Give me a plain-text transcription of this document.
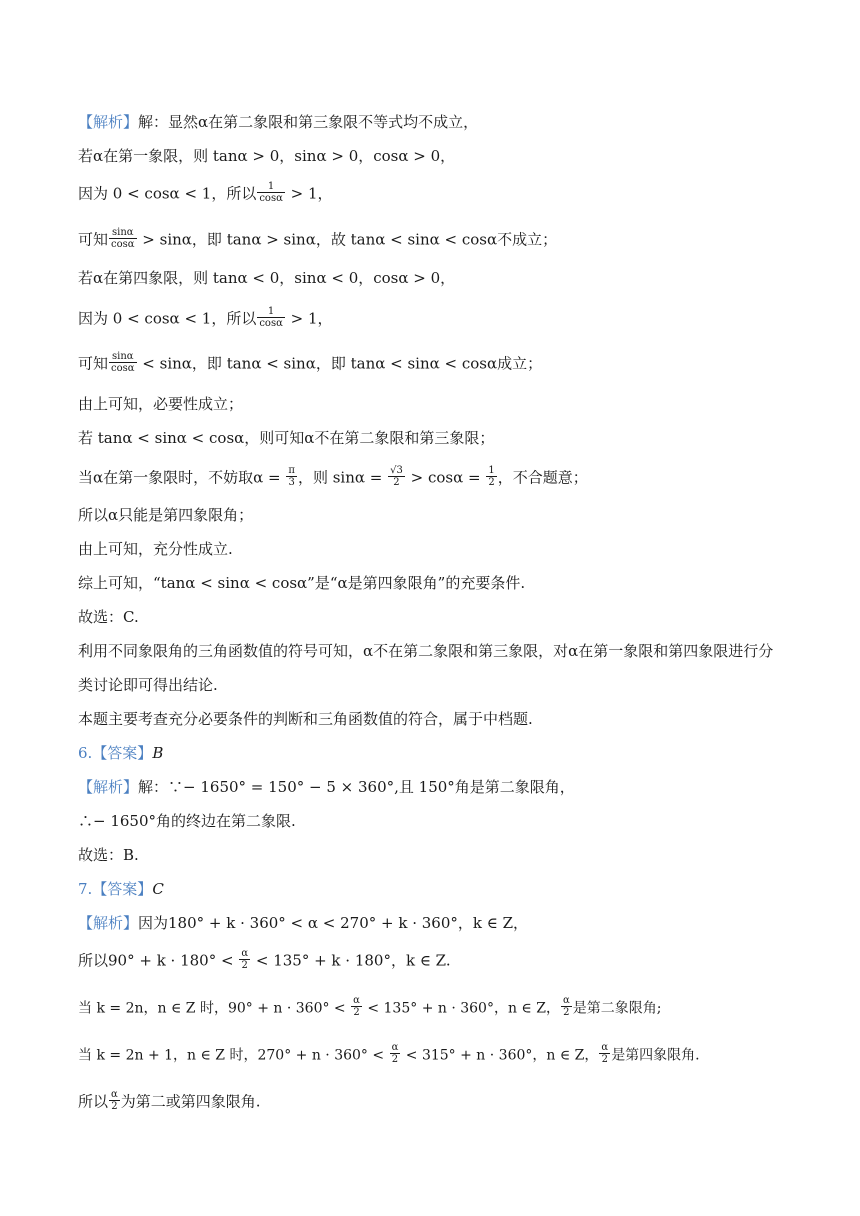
【解析】解：显然α在第二象限和第三象限不等式均不成立，
若α在第一象限，则 tanα > 0，sinα > 0，cosα > 0，
因为 0 < cosα < 1，所以 $\frac{1}{\cos\alpha} > 1$，
可知 $\frac{\sin\alpha}{\cos\alpha} > \sin\alpha$，即 tanα > sinα，故 tanα < sinα < cosα不成立；
若α在第四象限，则 tanα < 0，sinα < 0，cosα > 0，
因为 0 < cosα < 1，所以 $\frac{1}{\cos\alpha} > 1$，
可知 $\frac{\sin\alpha}{\cos\alpha} < \sin\alpha$，即 tanα < sinα，即 tanα < sinα < cosα成立；
由上可知，必要性成立；
若 tanα < sinα < cosα，则可知α不在第二象限和第三象限；
当α在第一象限时，不妨取$\alpha = \frac{\pi}{3}$ ，则 $\sin\alpha = \frac{√3}{2} > \cos\alpha = \frac{1}{2}$ ，不合题意；
所以α只能是第四象限角；
由上可知，充分性成立.
综上可知，“tanα < sinα < cosα”是“α是第四象限角”的充要条件.
故选：C.
利用不同象限角的三角函数值的符号可知，α不在第二象限和第三象限，对α在第一象限和第四象限进行分
类讨论即可得出结论.
本题主要考查充分必要条件的判断和三角函数值的符合，属于中档题.
6.【答案】B
【解析】解：∵− 1650° = 150° − 5 × 360°,且 150°角是第二象限角，
∴− 1650°角的终边在第二象限.
故选：B.
7.【答案】C
【解析】因为180° + k · 360° < α < 270° + k · 360°，k ∈ Z，
所以$90^\circ + k \cdot 180^\circ < \frac{\alpha}{2} < 135^\circ + k \cdot 180^\circ$，k ∈ Z.
当 k = 2n，n ∈ Z 时，$90^\circ + n \cdot 360^\circ < \frac{\alpha}{2} < 135^\circ + n \cdot 360^\circ$，n ∈ Z， $\frac{\alpha}{2}$ 是第二象限角;
当 k = 2n + 1，n ∈ Z 时，$270^\circ + n \cdot 360^\circ < \frac{\alpha}{2} < 315^\circ + n \cdot 360^\circ$，n ∈ Z， $\frac{\alpha}{2}$ 是第四象限角.
所以 $\frac{\alpha}{2}$ 为第二或第四象限角.
